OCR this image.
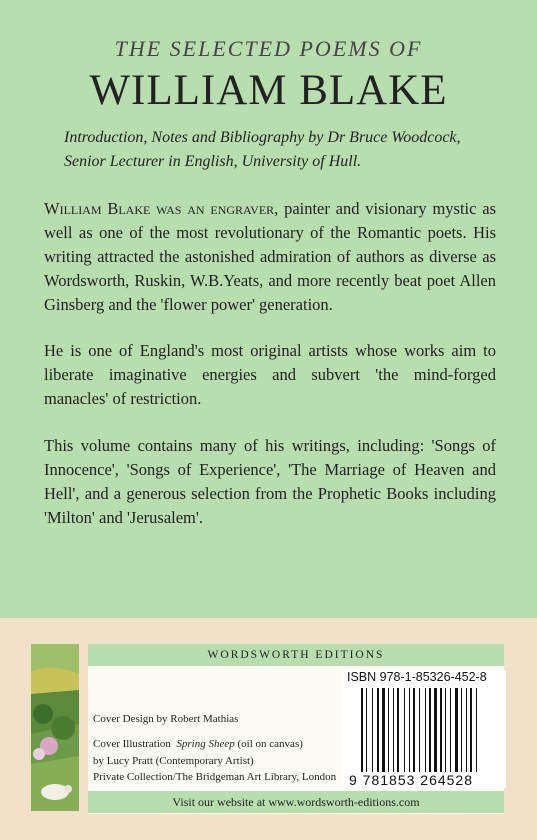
THE SELECTED POEMS OF
WILLIAM BLAKE
Introduction, Notes and Bibliography by Dr Bruce Woodcock,
Senior Lecturer in English, University of Hull.
William Blake was an engraver, painter and visionary mystic as well as one of the most revolutionary of the Romantic poets. His writing attracted the astonished admiration of authors as diverse as Wordsworth, Ruskin, W.B.Yeats, and more recently beat poet Allen Ginsberg and the 'flower power' generation.
He is one of England's most original artists whose works aim to liberate imaginative energies and subvert 'the mind-forged manacles' of restriction.
This volume contains many of his writings, including: 'Songs of Innocence', 'Songs of Experience', 'The Marriage of Heaven and Hell', and a generous selection from the Prophetic Books including 'Milton' and 'Jerusalem'.
WORDSWORTH EDITIONS
Cover Design by Robert Mathias
Cover Illustration Spring Sheep (oil on canvas)
by Lucy Pratt (Contemporary Artist)
Private Collection/The Bridgeman Art Library, London
ISBN 978-1-85326-452-8
9 781853 264528
Visit our website at www.wordsworth-editions.com
